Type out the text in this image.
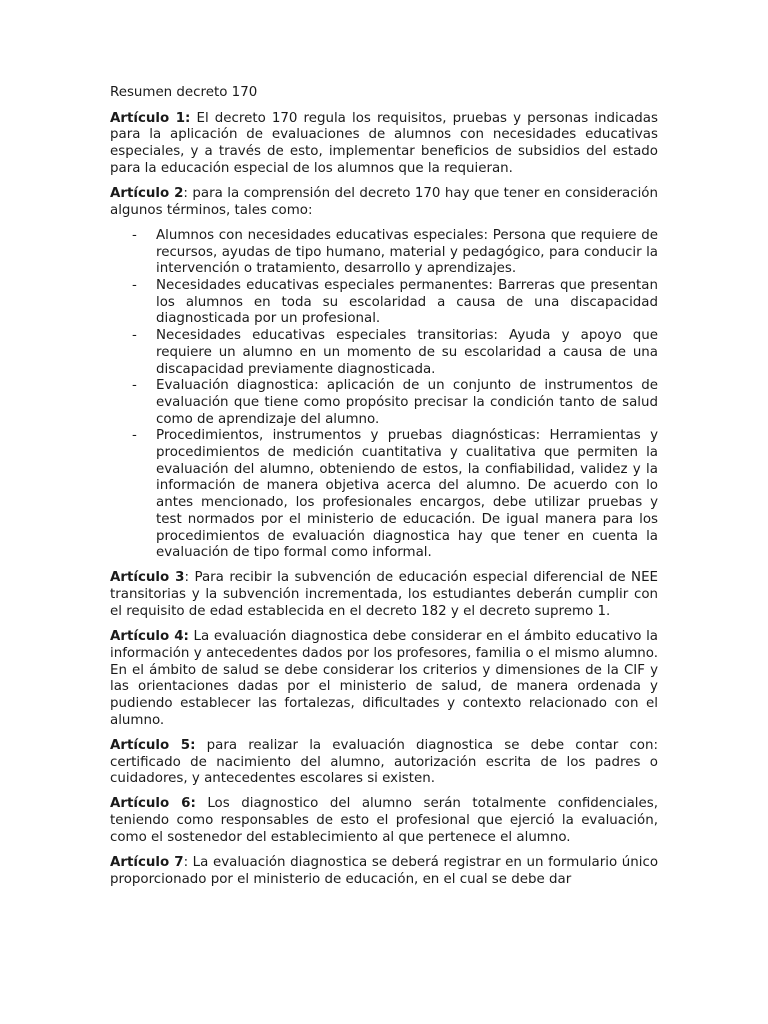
Resumen decreto 170

Artículo 1: El decreto 170 regula los requisitos, pruebas y personas indicadas para la aplicación de evaluaciones de alumnos con necesidades educativas especiales, y a través de esto, implementar beneficios de subsidios del estado para la educación especial de los alumnos que la requieran.

Artículo 2: para la comprensión del decreto 170 hay que tener en consideración algunos términos, tales como:

- Alumnos con necesidades educativas especiales: Persona que requiere de recursos, ayudas de tipo humano, material y pedagógico, para conducir la intervención o tratamiento, desarrollo y aprendizajes.
- Necesidades educativas especiales permanentes: Barreras que presentan los alumnos en toda su escolaridad a causa de una discapacidad diagnosticada por un profesional.
- Necesidades educativas especiales transitorias: Ayuda y apoyo que requiere un alumno en un momento de su escolaridad a causa de una discapacidad previamente diagnosticada.
- Evaluación diagnostica: aplicación de un conjunto de instrumentos de evaluación que tiene como propósito precisar la condición tanto de salud como de aprendizaje del alumno.
- Procedimientos, instrumentos y pruebas diagnósticas: Herramientas y procedimientos de medición cuantitativa y cualitativa que permiten la evaluación del alumno, obteniendo de estos, la confiabilidad, validez y la información de manera objetiva acerca del alumno. De acuerdo con lo antes mencionado, los profesionales encargos, debe utilizar pruebas y test normados por el ministerio de educación. De igual manera para los procedimientos de evaluación diagnostica hay que tener en cuenta la evaluación de tipo formal como informal.

Artículo 3: Para recibir la subvención de educación especial diferencial de NEE transitorias y la subvención incrementada, los estudiantes deberán cumplir con el requisito de edad establecida en el decreto 182 y el decreto supremo 1.

Artículo 4: La evaluación diagnostica debe considerar en el ámbito educativo la información y antecedentes dados por los profesores, familia o el mismo alumno. En el ámbito de salud se debe considerar los criterios y dimensiones de la CIF y las orientaciones dadas por el ministerio de salud, de manera ordenada y pudiendo establecer las fortalezas, dificultades y contexto relacionado con el alumno.

Artículo 5: para realizar la evaluación diagnostica se debe contar con: certificado de nacimiento del alumno, autorización escrita de los padres o cuidadores, y antecedentes escolares si existen.

Artículo 6: Los diagnostico del alumno serán totalmente confidenciales, teniendo como responsables de esto el profesional que ejerció la evaluación, como el sostenedor del establecimiento al que pertenece el alumno.

Artículo 7: La evaluación diagnostica se deberá registrar en un formulario único proporcionado por el ministerio de educación, en el cual se debe dar
